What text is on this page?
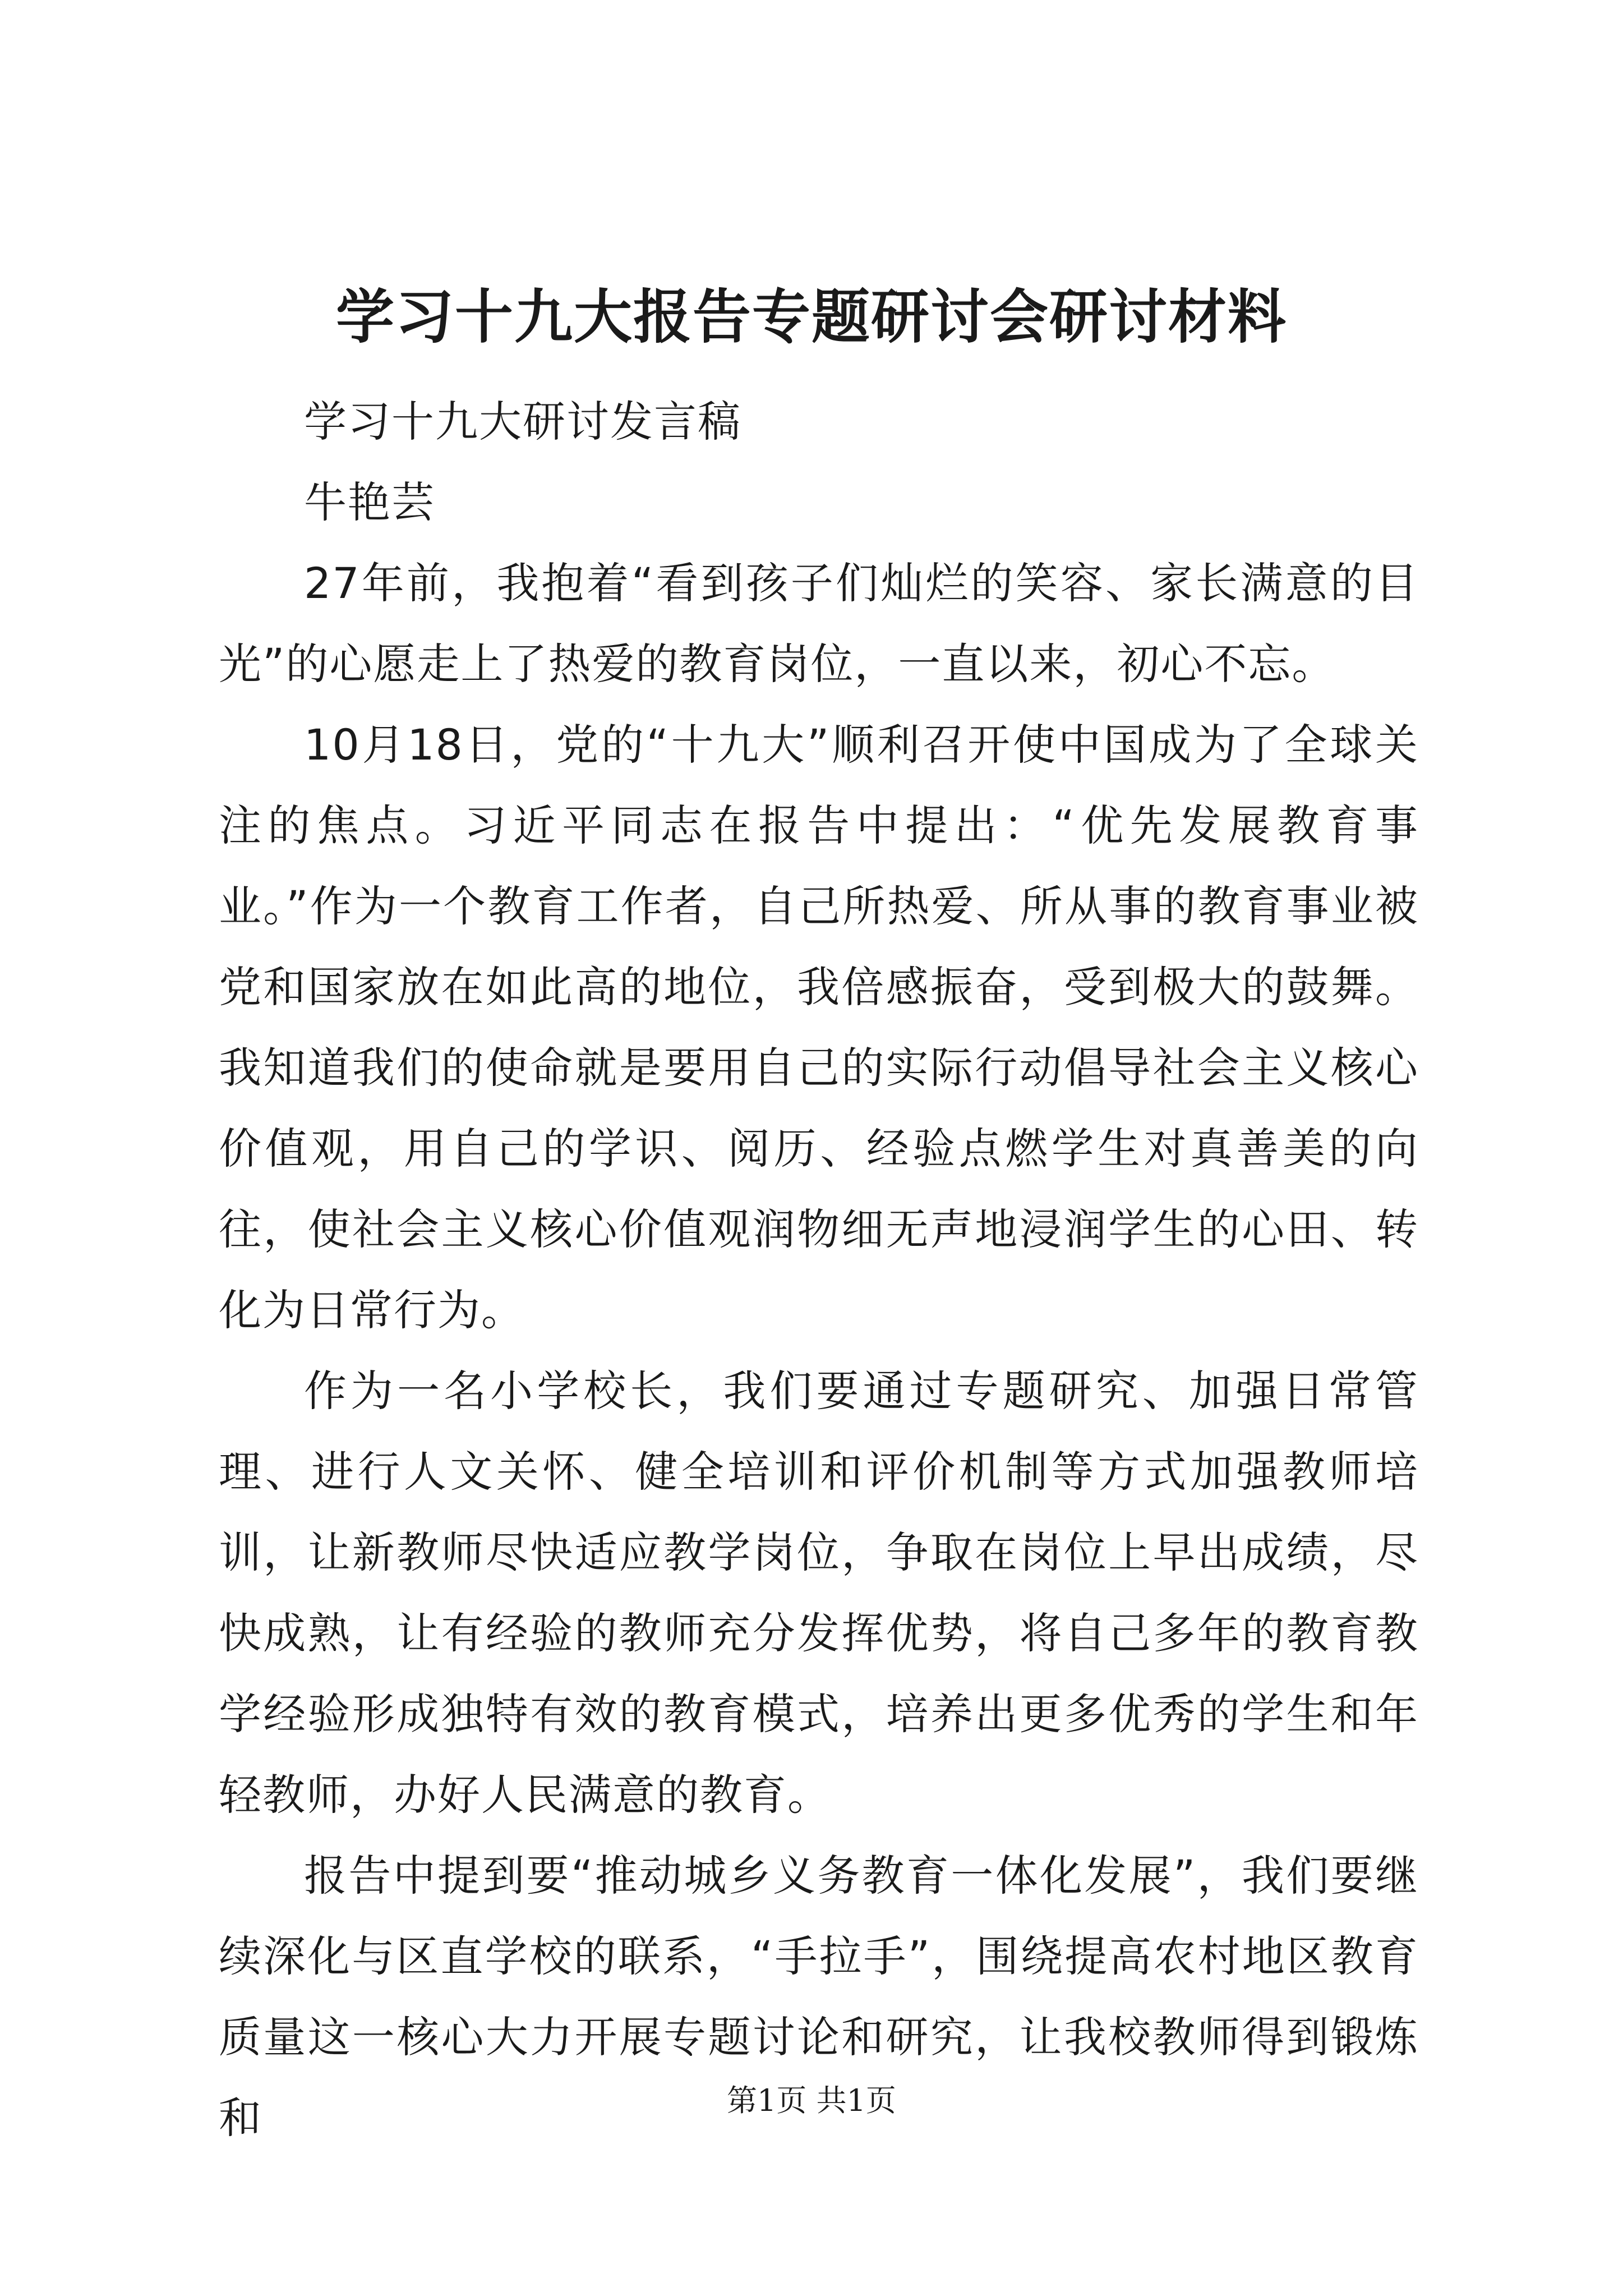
学习十九大报告专题研讨会研讨材料

学习十九大研讨发言稿

牛艳芸

27年前，我抱着“看到孩子们灿烂的笑容、家长满意的目光”的心愿走上了热爱的教育岗位，一直以来，初心不忘。

10月18日，党的“十九大”顺利召开使中国成为了全球关注的焦点。习近平同志在报告中提出：“优先发展教育事业。”作为一个教育工作者，自己所热爱、所从事的教育事业被党和国家放在如此高的地位，我倍感振奋，受到极大的鼓舞。我知道我们的使命就是要用自己的实际行动倡导社会主义核心价值观，用自己的学识、阅历、经验点燃学生对真善美的向往，使社会主义核心价值观润物细无声地浸润学生的心田、转化为日常行为。

作为一名小学校长，我们要通过专题研究、加强日常管理、进行人文关怀、健全培训和评价机制等方式加强教师培训，让新教师尽快适应教学岗位，争取在岗位上早出成绩，尽快成熟，让有经验的教师充分发挥优势，将自己多年的教育教学经验形成独特有效的教育模式，培养出更多优秀的学生和年轻教师，办好人民满意的教育。

报告中提到要“推动城乡义务教育一体化发展”，我们要继续深化与区直学校的联系，“手拉手”，围绕提高农村地区教育质量这一核心大力开展专题讨论和研究，让我校教师得到锻炼和	第1页 共1页
